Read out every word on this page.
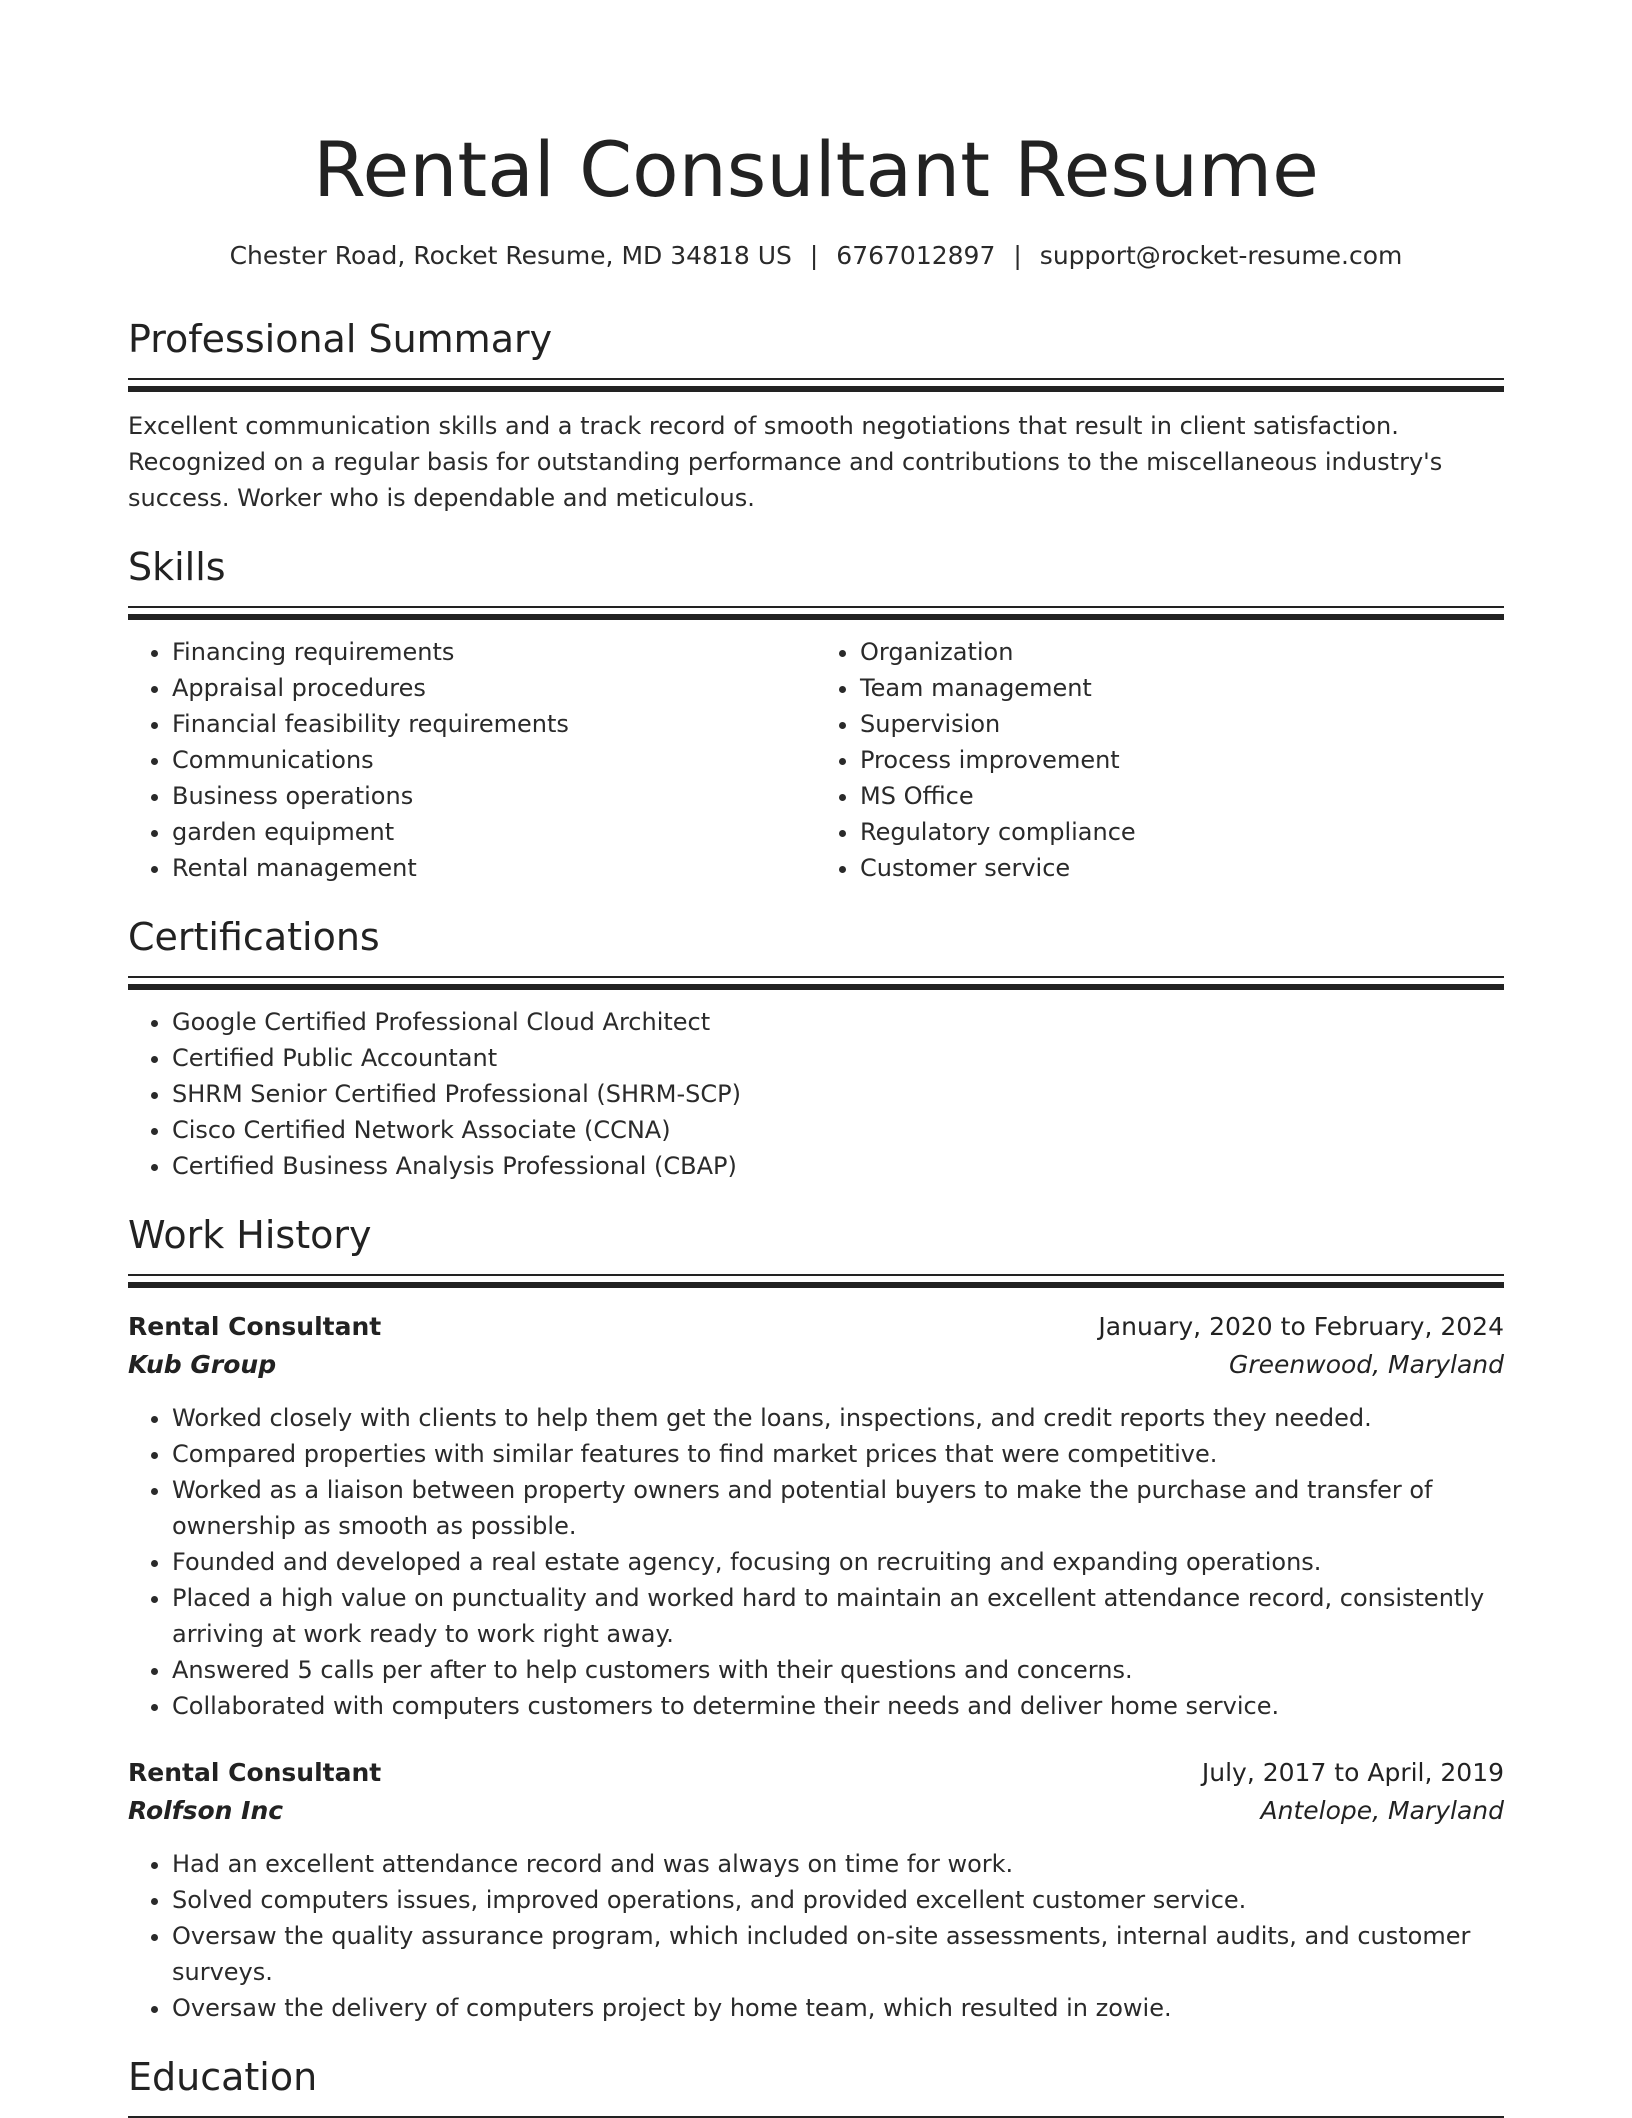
Rental Consultant Resume
Chester Road, Rocket Resume, MD 34818 US | 6767012897 | support@rocket-resume.com
Professional Summary

Excellent communication skills and a track record of smooth negotiations that result in client satisfaction. Recognized on a regular basis for outstanding performance and contributions to the miscellaneous industry's success. Worker who is dependable and meticulous.

Skills
• Financing requirements
• Appraisal procedures
• Financial feasibility requirements
• Communications
• Business operations
• garden equipment
• Rental management
• Organization
• Team management
• Supervision
• Process improvement
• MS Office
• Regulatory compliance
• Customer service
Certifications
• Google Certified Professional Cloud Architect
• Certified Public Accountant
• SHRM Senior Certified Professional (SHRM-SCP)
• Cisco Certified Network Associate (CCNA)
• Certified Business Analysis Professional (CBAP)
Work History
Rental Consultant	January, 2020 to February, 2024
Kub Group	Greenwood, Maryland
• Worked closely with clients to help them get the loans, inspections, and credit reports they needed.
• Compared properties with similar features to find market prices that were competitive.
• Worked as a liaison between property owners and potential buyers to make the purchase and transfer of ownership as smooth as possible.
• Founded and developed a real estate agency, focusing on recruiting and expanding operations.
• Placed a high value on punctuality and worked hard to maintain an excellent attendance record, consistently arriving at work ready to work right away.
• Answered 5 calls per after to help customers with their questions and concerns.
• Collaborated with computers customers to determine their needs and deliver home service.
Rental Consultant	July, 2017 to April, 2019
Rolfson Inc	Antelope, Maryland
• Had an excellent attendance record and was always on time for work.
• Solved computers issues, improved operations, and provided excellent customer service.
• Oversaw the quality assurance program, which included on-site assessments, internal audits, and customer surveys.
• Oversaw the delivery of computers project by home team, which resulted in zowie.
Education
